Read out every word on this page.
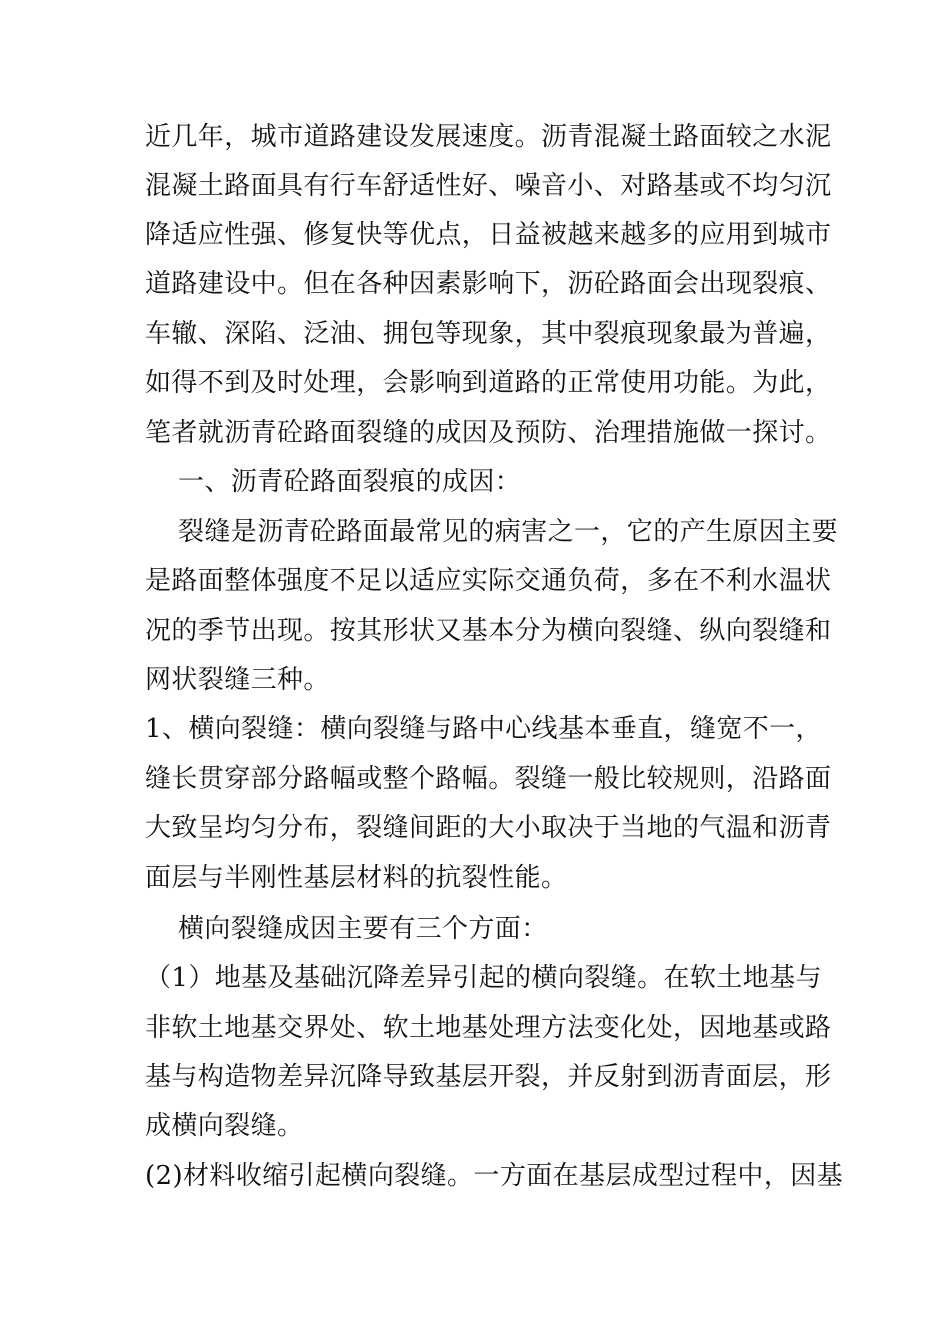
近几年，城市道路建设发展速度。沥青混凝土路面较之水泥
混凝土路面具有行车舒适性好、噪音小、对路基或不均匀沉
降适应性强、修复快等优点，日益被越来越多的应用到城市
道路建设中。但在各种因素影响下，沥砼路面会出现裂痕、
车辙、深陷、泛油、拥包等现象，其中裂痕现象最为普遍，
如得不到及时处理，会影响到道路的正常使用功能。为此，
笔者就沥青砼路面裂缝的成因及预防、治理措施做一探讨。
一、沥青砼路面裂痕的成因：
裂缝是沥青砼路面最常见的病害之一，它的产生原因主要
是路面整体强度不足以适应实际交通负荷，多在不利水温状
况的季节出现。按其形状又基本分为横向裂缝、纵向裂缝和
网状裂缝三种。
1、横向裂缝：横向裂缝与路中心线基本垂直，缝宽不一，
缝长贯穿部分路幅或整个路幅。裂缝一般比较规则，沿路面
大致呈均匀分布，裂缝间距的大小取决于当地的气温和沥青
面层与半刚性基层材料的抗裂性能。
横向裂缝成因主要有三个方面：
（1）地基及基础沉降差异引起的横向裂缝。在软土地基与
非软土地基交界处、软土地基处理方法变化处，因地基或路
基与构造物差异沉降导致基层开裂，并反射到沥青面层，形
成横向裂缝。
(2)材料收缩引起横向裂缝。一方面在基层成型过程中，因基
